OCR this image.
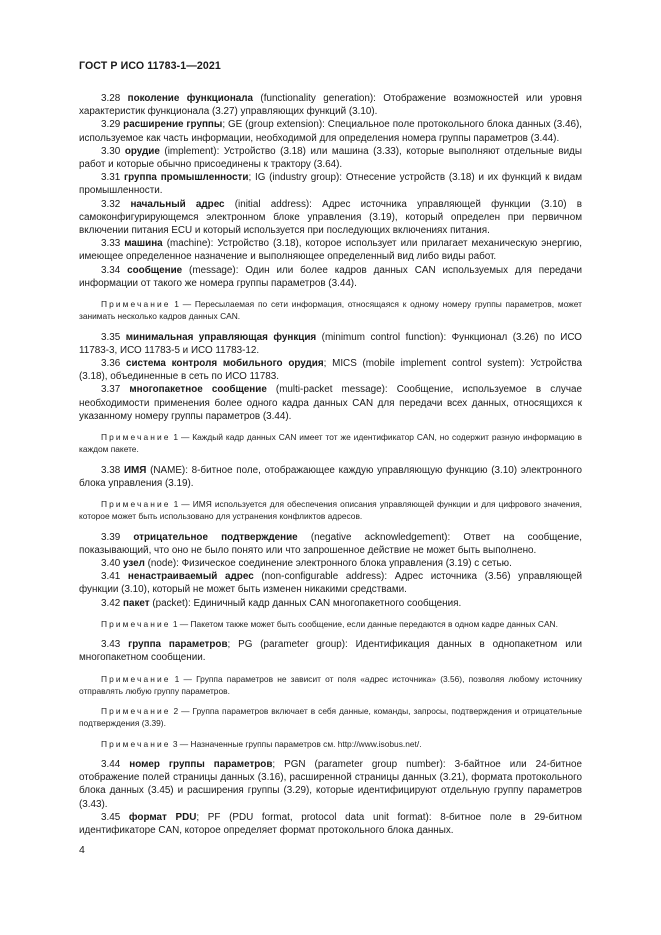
ГОСТ Р ИСО 11783-1—2021

3.28 поколение функционала (functionality generation): Отображение возможностей или уровня характеристик функционала (3.27) управляющих функций (3.10).

3.29 расширение группы; GE (group extension): Специальное поле протокольного блока данных (3.46), используемое как часть информации, необходимой для определения номера группы параметров (3.44).

3.30 орудие (implement): Устройство (3.18) или машина (3.33), которые выполняют отдельные виды работ и которые обычно присоединены к трактору (3.64).

3.31 группа промышленности; IG (industry group): Отнесение устройств (3.18) и их функций к видам промышленности.

3.32 начальный адрес (initial address): Адрес источника управляющей функции (3.10) в самоконфигурирующемся электронном блоке управления (3.19), который определен при первичном включении питания ECU и который используется при последующих включениях питания.

3.33 машина (machine): Устройство (3.18), которое использует или прилагает механическую энергию, имеющее определенное назначение и выполняющее определенный вид либо виды работ.

3.34 сообщение (message): Один или более кадров данных CAN используемых для передачи информации от такого же номера группы параметров (3.44).

Примечание 1 — Пересылаемая по сети информация, относящаяся к одному номеру группы параметров, может занимать несколько кадров данных CAN.

3.35 минимальная управляющая функция (minimum control function): Функционал (3.26) по ИСО 11783-3, ИСО 11783-5 и ИСО 11783-12.

3.36 система контроля мобильного орудия; MICS (mobile implement control system): Устройства (3.18), объединенные в сеть по ИСО 11783.

3.37 многопакетное сообщение (multi-packet message): Сообщение, используемое в случае необходимости применения более одного кадра данных CAN для передачи всех данных, относящихся к указанному номеру группы параметров (3.44).

Примечание 1 — Каждый кадр данных CAN имеет тот же идентификатор CAN, но содержит разную информацию в каждом пакете.

3.38 ИМЯ (NAME): 8-битное поле, отображающее каждую управляющую функцию (3.10) электронного блока управления (3.19).

Примечание 1 — ИМЯ используется для обеспечения описания управляющей функции и для цифрового значения, которое может быть использовано для устранения конфликтов адресов.

3.39 отрицательное подтверждение (negative acknowledgement): Ответ на сообщение, показывающий, что оно не было понято или что запрошенное действие не может быть выполнено.

3.40 узел (node): Физическое соединение электронного блока управления (3.19) с сетью.

3.41 ненастраиваемый адрес (non-configurable address): Адрес источника (3.56) управляющей функции (3.10), который не может быть изменен никакими средствами.

3.42 пакет (packet): Единичный кадр данных CAN многопакетного сообщения.

Примечание 1 — Пакетом также может быть сообщение, если данные передаются в одном кадре данных CAN.

3.43 группа параметров; PG (parameter group): Идентификация данных в однопакетном или многопакетном сообщении.

Примечание 1 — Группа параметров не зависит от поля «адрес источника» (3.56), позволяя любому источнику отправлять любую группу параметров.

Примечание 2 — Группа параметров включает в себя данные, команды, запросы, подтверждения и отрицательные подтверждения (3.39).

Примечание 3 — Назначенные группы параметров см. http://www.isobus.net/.

3.44 номер группы параметров; PGN (parameter group number): 3-байтное или 24-битное отображение полей страницы данных (3.16), расширенной страницы данных (3.21), формата протокольного блока данных (3.45) и расширения группы (3.29), которые идентифицируют отдельную группу параметров (3.43).

3.45 формат PDU; PF (PDU format, protocol data unit format): 8-битное поле в 29-битном идентификаторе CAN, которое определяет формат протокольного блока данных.

4
